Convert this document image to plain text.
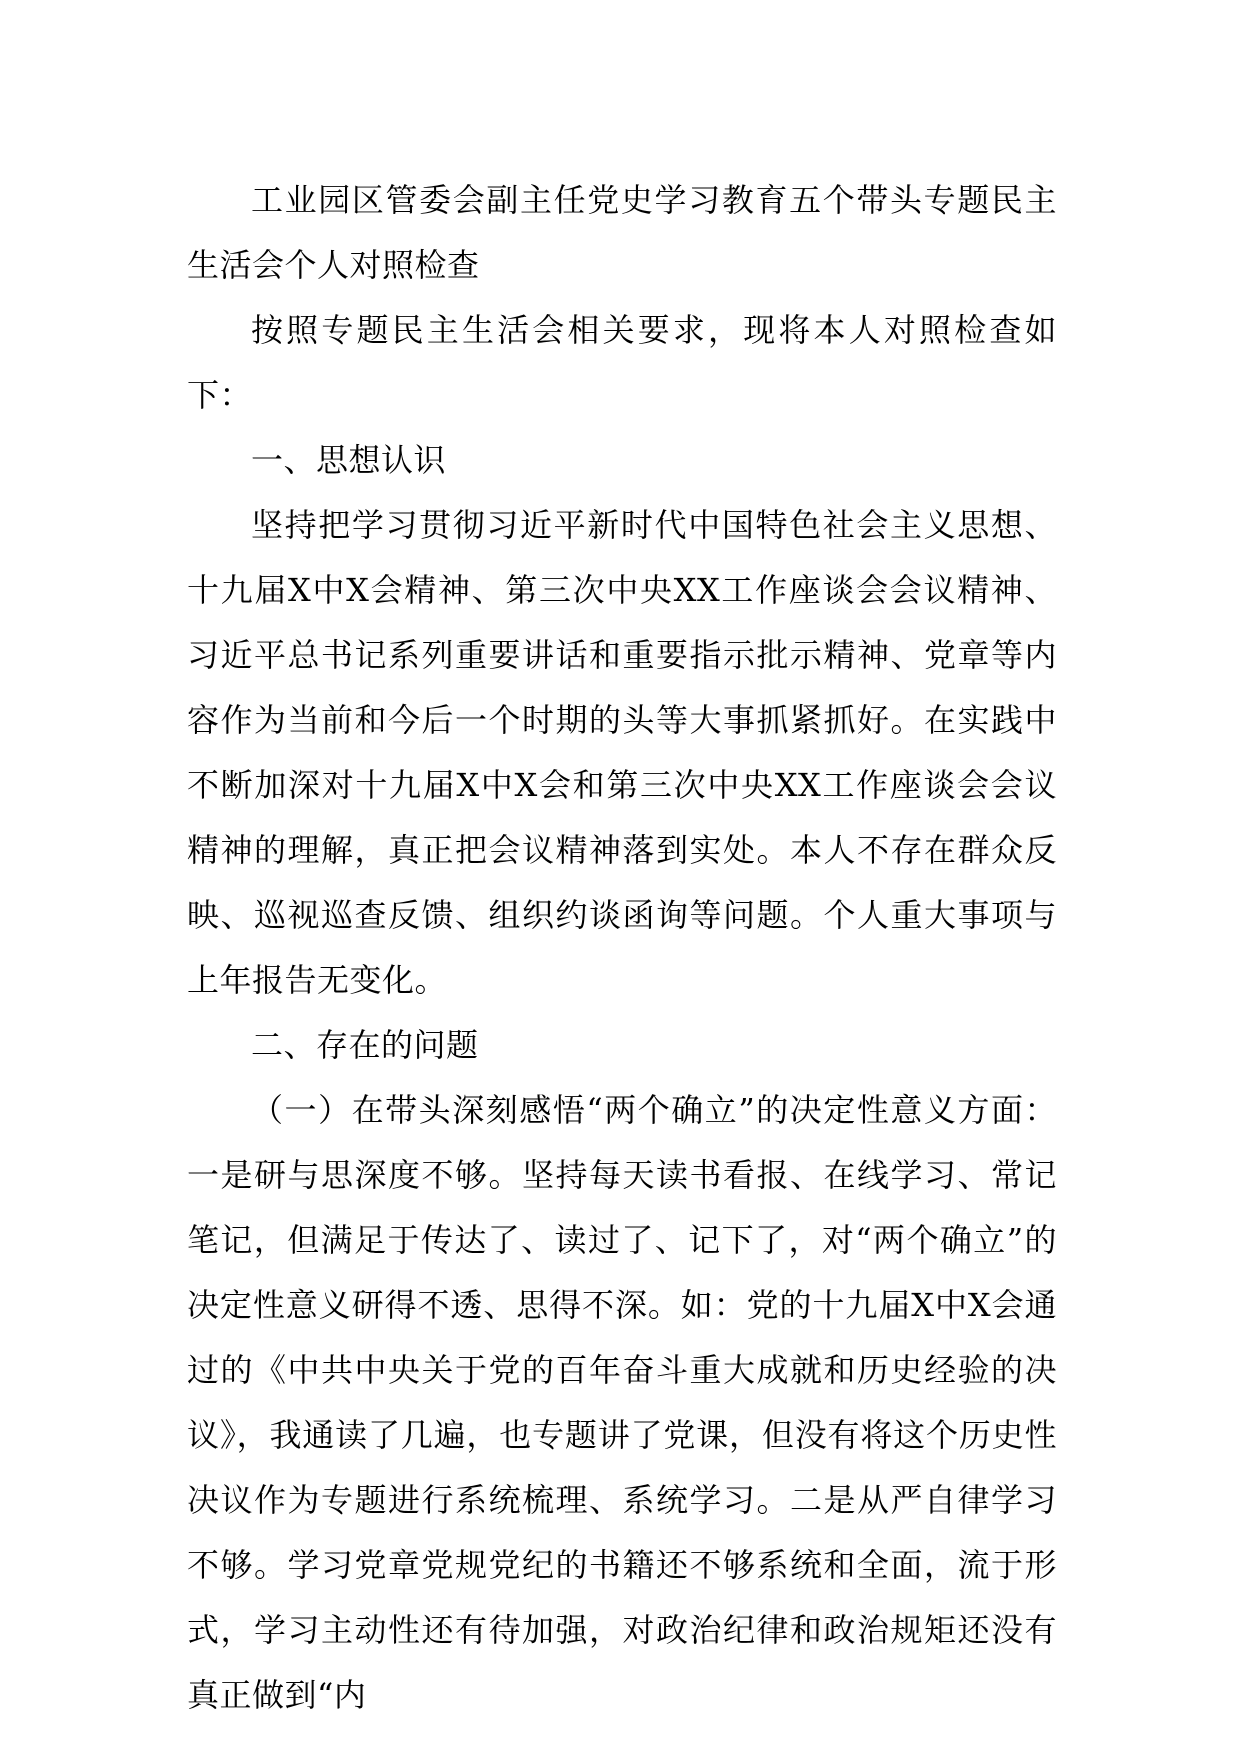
工业园区管委会副主任党史学习教育五个带头专题民主生活会个人对照检查

按照专题民主生活会相关要求，现将本人对照检查如下：

一、思想认识

坚持把学习贯彻习近平新时代中国特色社会主义思想、十九届X中X会精神、第三次中央XX工作座谈会会议精神、习近平总书记系列重要讲话和重要指示批示精神、党章等内容作为当前和今后一个时期的头等大事抓紧抓好。在实践中不断加深对十九届X中X会和第三次中央XX工作座谈会会议精神的理解，真正把会议精神落到实处。本人不存在群众反映、巡视巡查反馈、组织约谈函询等问题。个人重大事项与上年报告无变化。

二、存在的问题

（一）在带头深刻感悟“两个确立”的决定性意义方面：一是研与思深度不够。坚持每天读书看报、在线学习、常记笔记，但满足于传达了、读过了、记下了，对“两个确立”的决定性意义研得不透、思得不深。如：党的十九届X中X会通过的《中共中央关于党的百年奋斗重大成就和历史经验的决议》，我通读了几遍，也专题讲了党课，但没有将这个历史性决议作为专题进行系统梳理、系统学习。二是从严自律学习不够。学习党章党规党纪的书籍还不够系统和全面，流于形式，学习主动性还有待加强，对政治纪律和政治规矩还没有真正做到“内
